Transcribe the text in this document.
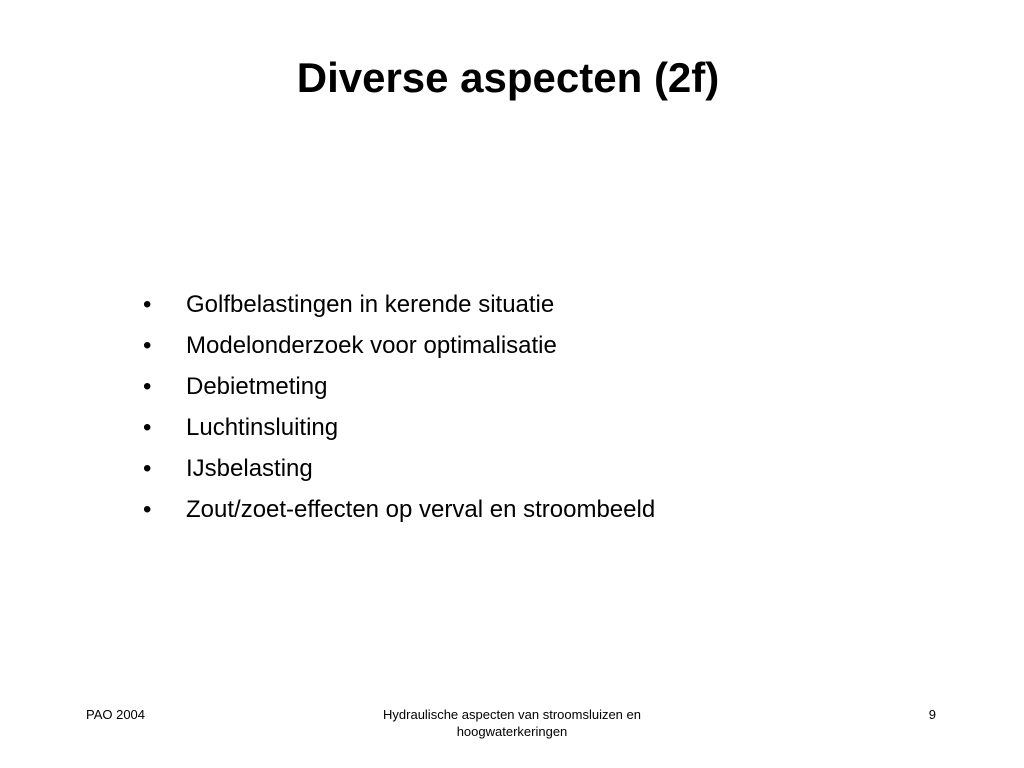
Diverse aspecten (2f)
•	Golfbelastingen in kerende situatie
•	Modelonderzoek voor optimalisatie
•	Debietmeting
•	Luchtinsluiting
•	IJsbelasting
•	Zout/zoet-effecten op verval en stroombeeld
PAO 2004	Hydraulische aspecten van stroomsluizen en
hoogwaterkeringen
9
